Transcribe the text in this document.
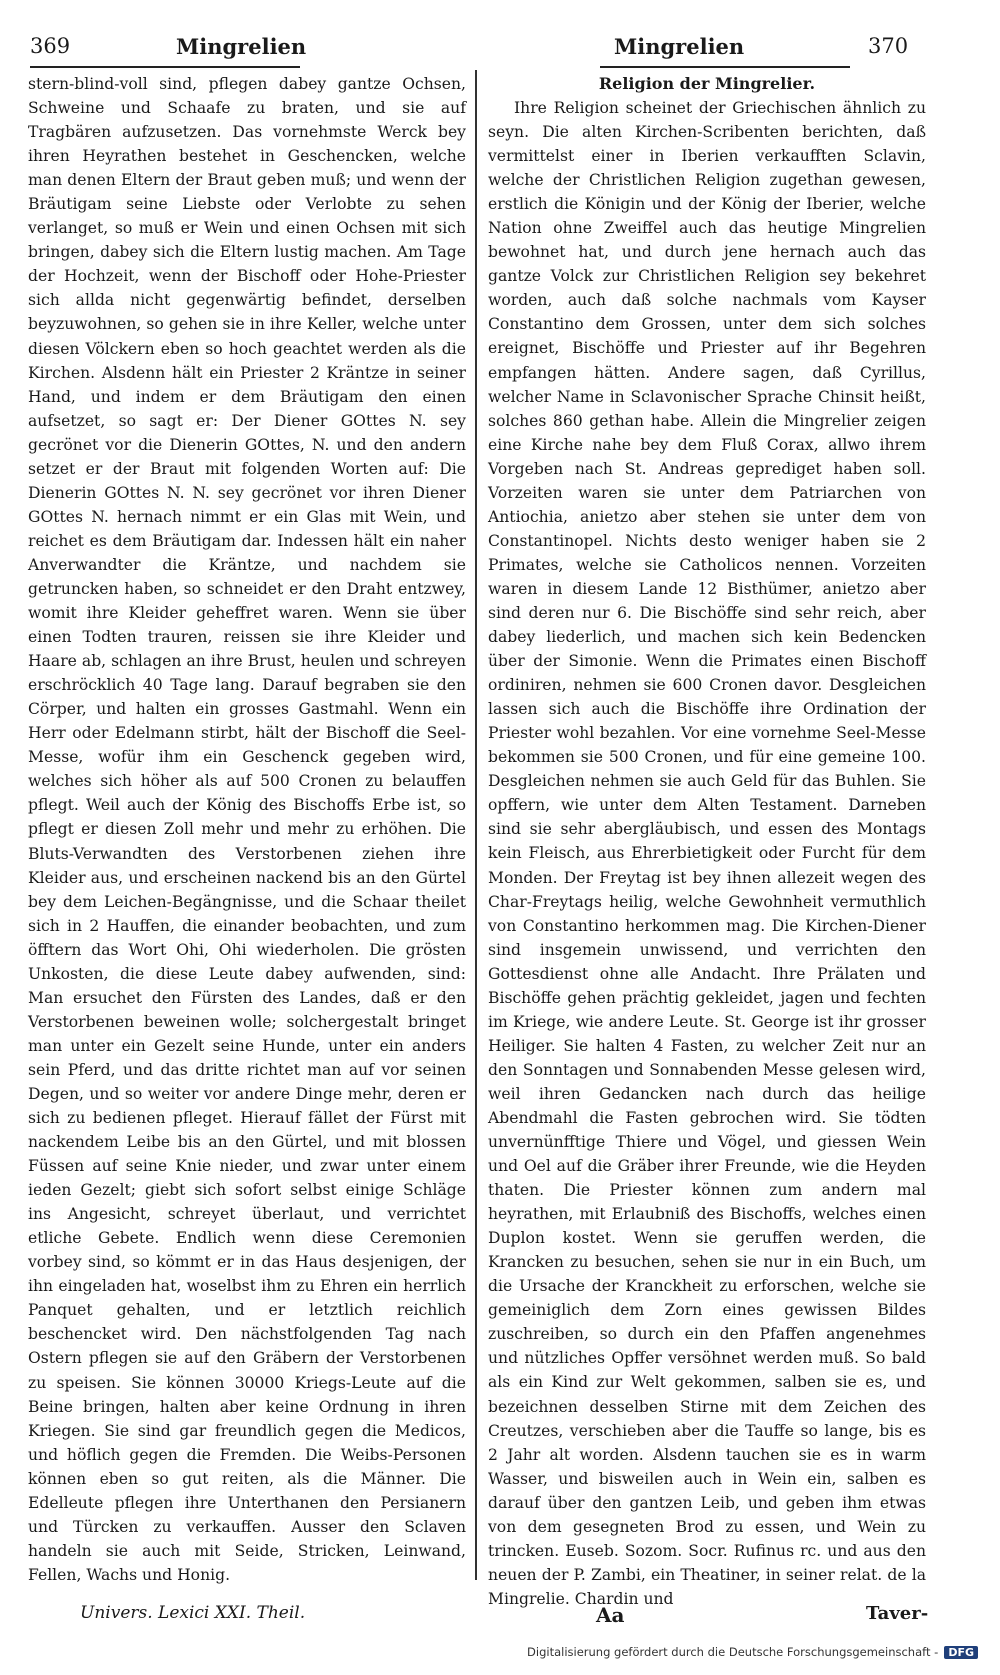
369	Mingrelien	Mingrelien	370

stern-blind-voll sind, pflegen dabey gantze Ochsen, Schweine und Schaafe zu braten, und sie auf Tragbären aufzusetzen. Das vornehmste Werck bey ihren Heyrathen bestehet in Geschencken, welche man denen Eltern der Braut geben muß; und wenn der Bräutigam seine Liebste oder Verlobte zu sehen verlanget, so muß er Wein und einen Ochsen mit sich bringen, dabey sich die Eltern lustig machen. Am Tage der Hochzeit, wenn der Bischoff oder Hohe-Priester sich allda nicht gegenwärtig befindet, derselben beyzuwohnen, so gehen sie in ihre Keller, welche unter diesen Völckern eben so hoch geachtet werden als die Kirchen. Alsdenn hält ein Priester 2 Kräntze in seiner Hand, und indem er dem Bräutigam den einen aufsetzet, so sagt er: Der Diener GOttes N. sey gecrönet vor die Dienerin GOttes, N. und den andern setzet er der Braut mit folgenden Worten auf: Die Dienerin GOttes N. N. sey gecrönet vor ihren Diener GOttes N. hernach nimmt er ein Glas mit Wein, und reichet es dem Bräutigam dar. Indessen hält ein naher Anverwandter die Kräntze, und nachdem sie getruncken haben, so schneidet er den Draht entzwey, womit ihre Kleider geheffret waren. Wenn sie über einen Todten trauren, reissen sie ihre Kleider und Haare ab, schlagen an ihre Brust, heulen und schreyen erschröcklich 40 Tage lang. Darauf begraben sie den Cörper, und halten ein grosses Gastmahl. Wenn ein Herr oder Edelmann stirbt, hält der Bischoff die Seel-Messe, wofür ihm ein Geschenck gegeben wird, welches sich höher als auf 500 Cronen zu belauffen pflegt. Weil auch der König des Bischoffs Erbe ist, so pflegt er diesen Zoll mehr und mehr zu erhöhen. Die Bluts-Verwandten des Verstorbenen ziehen ihre Kleider aus, und erscheinen nackend bis an den Gürtel bey dem Leichen-Begängnisse, und die Schaar theilet sich in 2 Hauffen, die einander beobachten, und zum öfftern das Wort Ohi, Ohi wiederholen. Die grösten Unkosten, die diese Leute dabey aufwenden, sind: Man ersuchet den Fürsten des Landes, daß er den Verstorbenen beweinen wolle; solchergestalt bringet man unter ein Gezelt seine Hunde, unter ein anders sein Pferd, und das dritte richtet man auf vor seinen Degen, und so weiter vor andere Dinge mehr, deren er sich zu bedienen pfleget. Hierauf fället der Fürst mit nackendem Leibe bis an den Gürtel, und mit blossen Füssen auf seine Knie nieder, und zwar unter einem ieden Gezelt; giebt sich sofort selbst einige Schläge ins Angesicht, schreyet überlaut, und verrichtet etliche Gebete. Endlich wenn diese Ceremonien vorbey sind, so kömmt er in das Haus desjenigen, der ihn eingeladen hat, woselbst ihm zu Ehren ein herrlich Panquet gehalten, und er letztlich reichlich beschencket wird. Den nächstfolgenden Tag nach Ostern pflegen sie auf den Gräbern der Verstorbenen zu speisen. Sie können 30000 Kriegs-Leute auf die Beine bringen, halten aber keine Ordnung in ihren Kriegen. Sie sind gar freundlich gegen die Medicos, und höflich gegen die Fremden. Die Weibs-Personen können eben so gut reiten, als die Männer. Die Edelleute pflegen ihre Unterthanen den Persianern und Türcken zu verkauffen. Ausser den Sclaven handeln sie auch mit Seide, Stricken, Leinwand, Fellen, Wachs und Honig.

Religion der Mingrelier.

Ihre Religion scheinet der Griechischen ähnlich zu seyn. Die alten Kirchen-Scribenten berichten, daß vermittelst einer in Iberien verkaufften Sclavin, welche der Christlichen Religion zugethan gewesen, erstlich die Königin und der König der Iberier, welche Nation ohne Zweiffel auch das heutige Mingrelien bewohnet hat, und durch jene hernach auch das gantze Volck zur Christlichen Religion sey bekehret worden, auch daß solche nachmals vom Kayser Constantino dem Grossen, unter dem sich solches ereignet, Bischöffe und Priester auf ihr Begehren empfangen hätten. Andere sagen, daß Cyrillus, welcher Name in Sclavonischer Sprache Chinsit heißt, solches 860 gethan habe. Allein die Mingrelier zeigen eine Kirche nahe bey dem Fluß Corax, allwo ihrem Vorgeben nach St. Andreas geprediget haben soll. Vorzeiten waren sie unter dem Patriarchen von Antiochia, anietzo aber stehen sie unter dem von Constantinopel. Nichts desto weniger haben sie 2 Primates, welche sie Catholicos nennen. Vorzeiten waren in diesem Lande 12 Bisthümer, anietzo aber sind deren nur 6. Die Bischöffe sind sehr reich, aber dabey liederlich, und machen sich kein Bedencken über der Simonie. Wenn die Primates einen Bischoff ordiniren, nehmen sie 600 Cronen davor. Desgleichen lassen sich auch die Bischöffe ihre Ordination der Priester wohl bezahlen. Vor eine vornehme Seel-Messe bekommen sie 500 Cronen, und für eine gemeine 100. Desgleichen nehmen sie auch Geld für das Buhlen. Sie opffern, wie unter dem Alten Testament. Darneben sind sie sehr abergläubisch, und essen des Montags kein Fleisch, aus Ehrerbietigkeit oder Furcht für dem Monden. Der Freytag ist bey ihnen allezeit wegen des Char-Freytags heilig, welche Gewohnheit vermuthlich von Constantino herkommen mag. Die Kirchen-Diener sind insgemein unwissend, und verrichten den Gottesdienst ohne alle Andacht. Ihre Prälaten und Bischöffe gehen prächtig gekleidet, jagen und fechten im Kriege, wie andere Leute. St. George ist ihr grosser Heiliger. Sie halten 4 Fasten, zu welcher Zeit nur an den Sonntagen und Sonnabenden Messe gelesen wird, weil ihren Gedancken nach durch das heilige Abendmahl die Fasten gebrochen wird. Sie tödten unvernünfftige Thiere und Vögel, und giessen Wein und Oel auf die Gräber ihrer Freunde, wie die Heyden thaten. Die Priester können zum andern mal heyrathen, mit Erlaubniß des Bischoffs, welches einen Duplon kostet. Wenn sie geruffen werden, die Krancken zu besuchen, sehen sie nur in ein Buch, um die Ursache der Kranckheit zu erforschen, welche sie gemeiniglich dem Zorn eines gewissen Bildes zuschreiben, so durch ein den Pfaffen angenehmes und nützliches Opffer versöhnet werden muß. So bald als ein Kind zur Welt gekommen, salben sie es, und bezeichnen desselben Stirne mit dem Zeichen des Creutzes, verschieben aber die Tauffe so lange, bis es 2 Jahr alt worden. Alsdenn tauchen sie es in warm Wasser, und bisweilen auch in Wein ein, salben es darauf über den gantzen Leib, und geben ihm etwas von dem gesegneten Brod zu essen, und Wein zu trincken. Euseb. Sozom. Socr. Rufinus rc. und aus den neuen der P. Zambi, ein Theatiner, in seiner relat. de la Mingrelie. Chardin und

Univers. Lexici XXI. Theil.	Aa	Taver-
Digitalisierung gefördert durch die Deutsche Forschungsgemeinschaft - DFG
